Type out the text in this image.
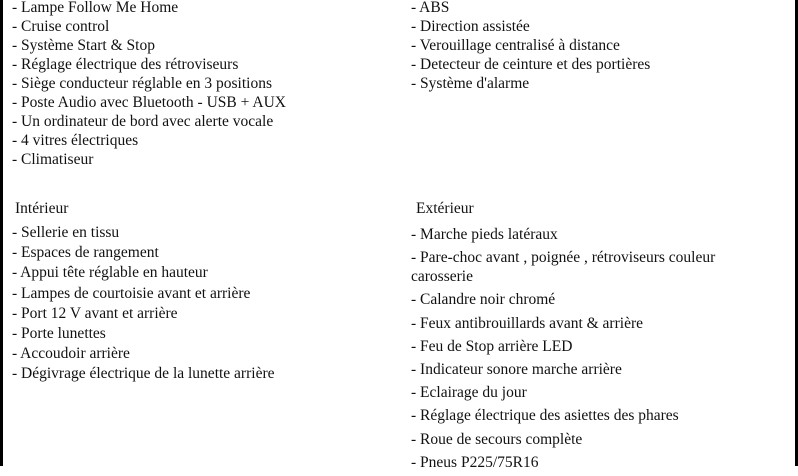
- Lampe Follow Me Home
- Cruise control
- Système Start & Stop
- Réglage électrique des rétroviseurs
- Siège conducteur réglable en 3 positions
- Poste Audio avec Bluetooth - USB + AUX
- Un ordinateur de bord avec alerte vocale
- 4 vitres électriques
- Climatiseur
- ABS
- Direction assistée
- Verouillage centralisé à distance
- Detecteur de ceinture et des portières
- Système d'alarme
Intérieur	Extérieur
- Sellerie en tissu
- Espaces de rangement
- Appui tête réglable en hauteur
- Lampes de courtoisie avant et arrière
- Port 12 V avant et arrière
- Porte lunettes
- Accoudoir arrière
- Dégivrage électrique de la lunette arrière
- Marche pieds latéraux
- Pare-choc avant , poignée , rétroviseurs couleur carosserie
- Calandre noir chromé
- Feux antibrouillards avant & arrière
- Feu de Stop arrière LED
- Indicateur sonore marche arrière
- Eclairage du jour
- Réglage électrique des asiettes des phares
- Roue de secours complète
- Pneus P225/75R16
